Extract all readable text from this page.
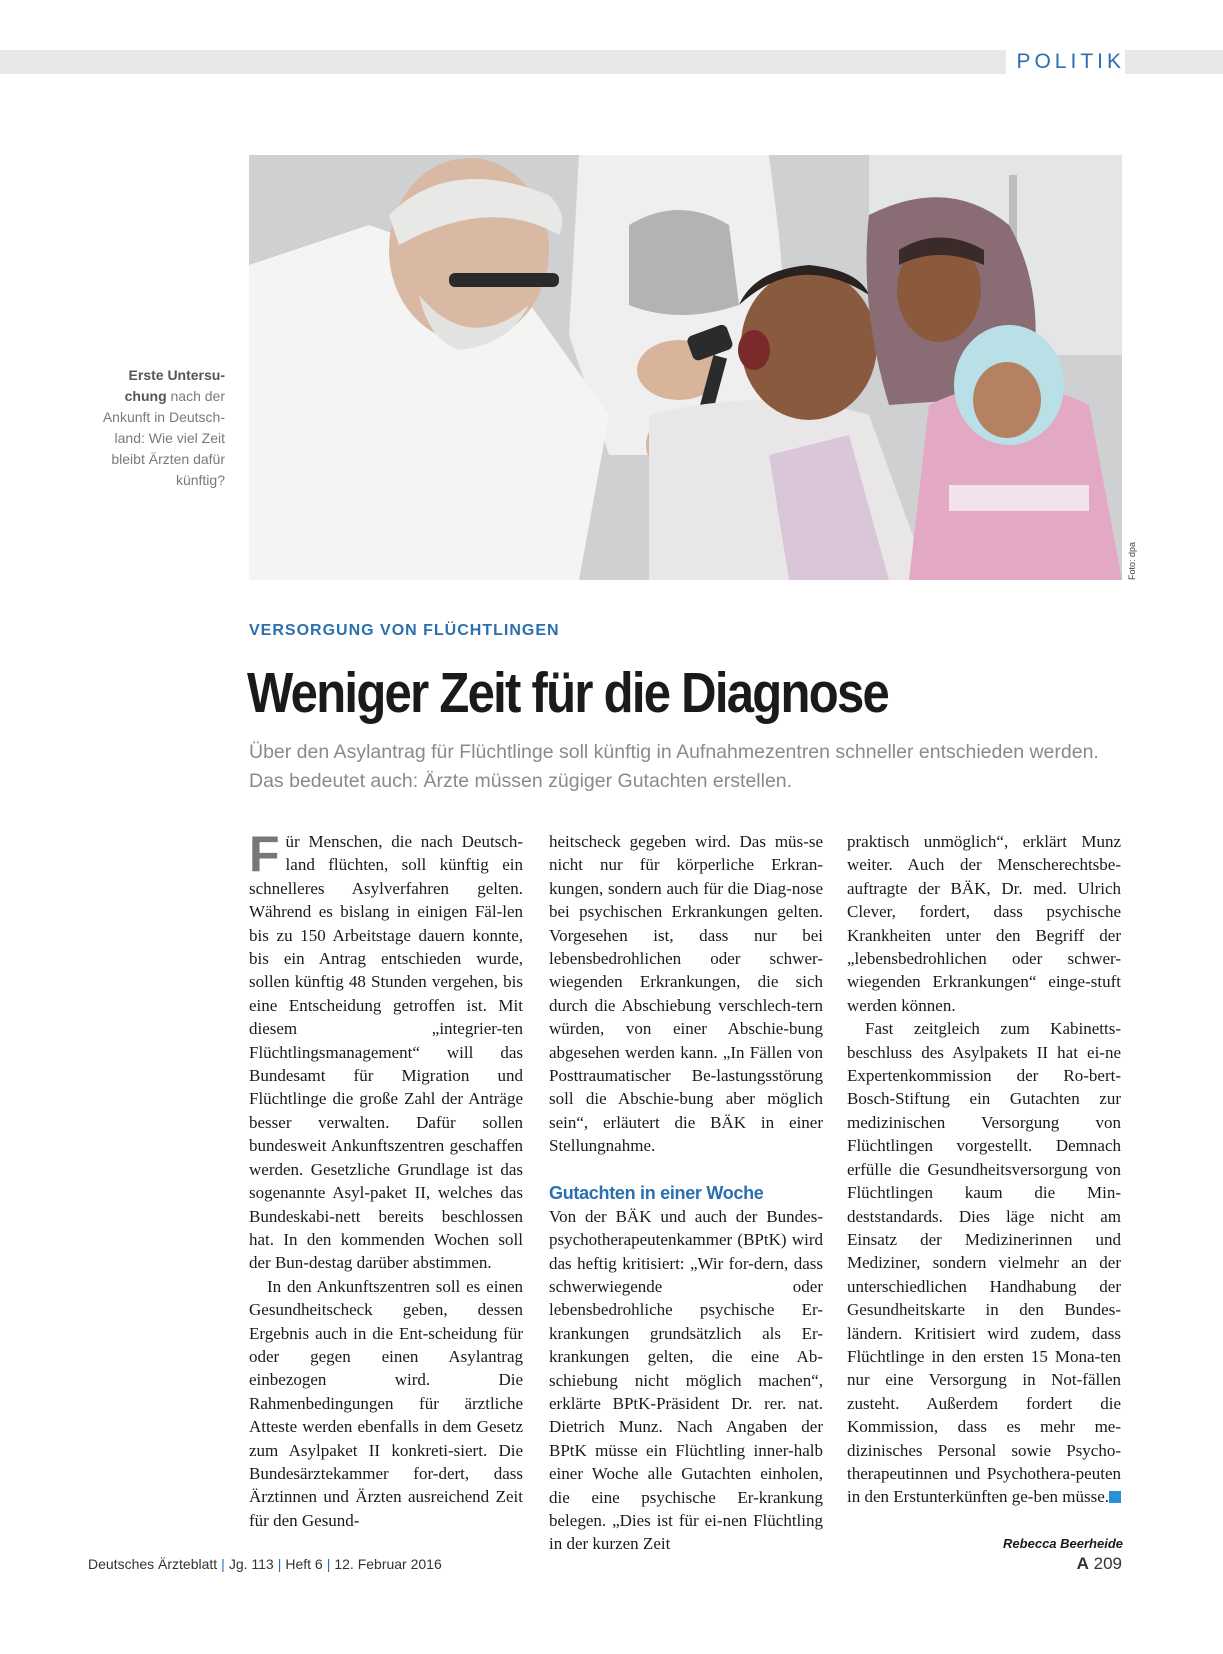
POLITIK
Foto: dpa
Erste Untersu-chung nach der Ankunft in Deutsch-land: Wie viel Zeit bleibt Ärzten dafür künftig?
VERSORGUNG VON FLÜCHTLINGEN
Weniger Zeit für die Diagnose
Über den Asylantrag für Flüchtlinge soll künftig in Aufnahmezentren schneller entschieden werden. Das bedeutet auch: Ärzte müssen zügiger Gutachten erstellen.

Für Menschen, die nach Deutsch-land flüchten, soll künftig ein schnelleres Asylverfahren gelten. Während es bislang in einigen Fäl-len bis zu 150 Arbeitstage dauern konnte, bis ein Antrag entschieden wurde, sollen künftig 48 Stunden vergehen, bis eine Entscheidung getroffen ist. Mit diesem „integrier-ten Flüchtlingsmanagement“ will das Bundesamt für Migration und Flüchtlinge die große Zahl der Anträge besser verwalten. Dafür sollen bundesweit Ankunftszentren geschaffen werden. Gesetzliche Grundlage ist das sogenannte Asyl-paket II, welches das Bundeskabi-nett bereits beschlossen hat. In den kommenden Wochen soll der Bun-destag darüber abstimmen.

In den Ankunftszentren soll es einen Gesundheitscheck geben, dessen Ergebnis auch in die Ent-scheidung für oder gegen einen Asylantrag einbezogen wird. Die Rahmenbedingungen für ärztliche Atteste werden ebenfalls in dem Gesetz zum Asylpaket II konkreti-siert. Die Bundesärztekammer for-dert, dass Ärztinnen und Ärzten ausreichend Zeit für den Gesund-

heitscheck gegeben wird. Das müs-se nicht nur für körperliche Erkran-kungen, sondern auch für die Diag-nose bei psychischen Erkrankungen gelten. Vorgesehen ist, dass nur bei lebensbedrohlichen oder schwer-wiegenden Erkrankungen, die sich durch die Abschiebung verschlech-tern würden, von einer Abschie-bung abgesehen werden kann. „In Fällen von Posttraumatischer Be-lastungsstörung soll die Abschie-bung aber möglich sein“, erläutert die BÄK in einer Stellungnahme.

Gutachten in einer Woche

Von der BÄK und auch der Bundes-psychotherapeutenkammer (BPtK) wird das heftig kritisiert: „Wir for-dern, dass schwerwiegende oder lebensbedrohliche psychische Er-krankungen grundsätzlich als Er-krankungen gelten, die eine Ab-schiebung nicht möglich machen“, erklärte BPtK-Präsident Dr. rer. nat. Dietrich Munz. Nach Angaben der BPtK müsse ein Flüchtling inner-halb einer Woche alle Gutachten einholen, die eine psychische Er-krankung belegen. „Dies ist für ei-nen Flüchtling in der kurzen Zeit

praktisch unmöglich“, erklärt Munz weiter. Auch der Menscherechtsbe-auftragte der BÄK, Dr. med. Ulrich Clever, fordert, dass psychische Krankheiten unter den Begriff der „lebensbedrohlichen oder schwer-wiegenden Erkrankungen“ einge-stuft werden können.

Fast zeitgleich zum Kabinetts-beschluss des Asylpakets II hat ei-ne Expertenkommission der Ro-bert-Bosch-Stiftung ein Gutachten zur medizinischen Versorgung von Flüchtlingen vorgestellt. Demnach erfülle die Gesundheitsversorgung von Flüchtlingen kaum die Min-deststandards. Dies läge nicht am Einsatz der Medizinerinnen und Mediziner, sondern vielmehr an der unterschiedlichen Handhabung der Gesundheitskarte in den Bundes-ländern. Kritisiert wird zudem, dass Flüchtlinge in den ersten 15 Mona-ten nur eine Versorgung in Not-fällen zusteht. Außerdem fordert die Kommission, dass es mehr me-dizinisches Personal sowie Psycho-therapeutinnen und Psychothera-peuten in den Erstunterkünften ge-ben müsse.

Rebecca Beerheide
Deutsches Ärzteblatt | Jg. 113 | Heft 6 | 12. Februar 2016	A 209
